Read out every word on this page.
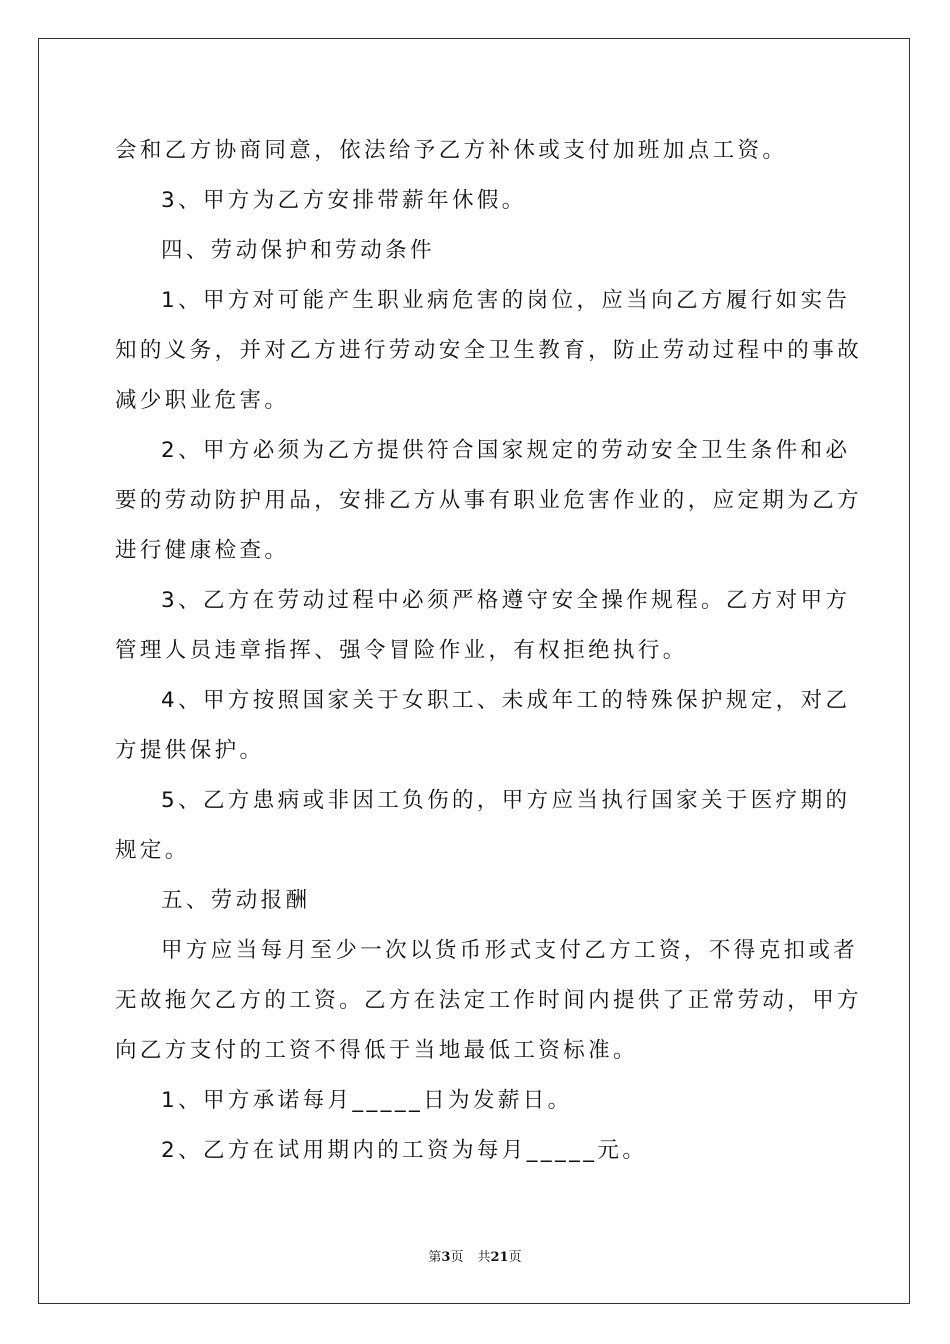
会和乙方协商同意，依法给予乙方补休或支付加班加点工资。
3、甲方为乙方安排带薪年休假。
四、劳动保护和劳动条件
1、甲方对可能产生职业病危害的岗位，应当向乙方履行如实告
知的义务，并对乙方进行劳动安全卫生教育，防止劳动过程中的事故
减少职业危害。
2、甲方必须为乙方提供符合国家规定的劳动安全卫生条件和必
要的劳动防护用品，安排乙方从事有职业危害作业的，应定期为乙方
进行健康检查。
3、乙方在劳动过程中必须严格遵守安全操作规程。乙方对甲方
管理人员违章指挥、强令冒险作业，有权拒绝执行。
4、甲方按照国家关于女职工、未成年工的特殊保护规定，对乙
方提供保护。
5、乙方患病或非因工负伤的，甲方应当执行国家关于医疗期的
规定。
五、劳动报酬
甲方应当每月至少一次以货币形式支付乙方工资，不得克扣或者
无故拖欠乙方的工资。乙方在法定工作时间内提供了正常劳动，甲方
向乙方支付的工资不得低于当地最低工资标准。
1、甲方承诺每月_____日为发薪日。
2、乙方在试用期内的工资为每月_____元。
第3页 共21页
